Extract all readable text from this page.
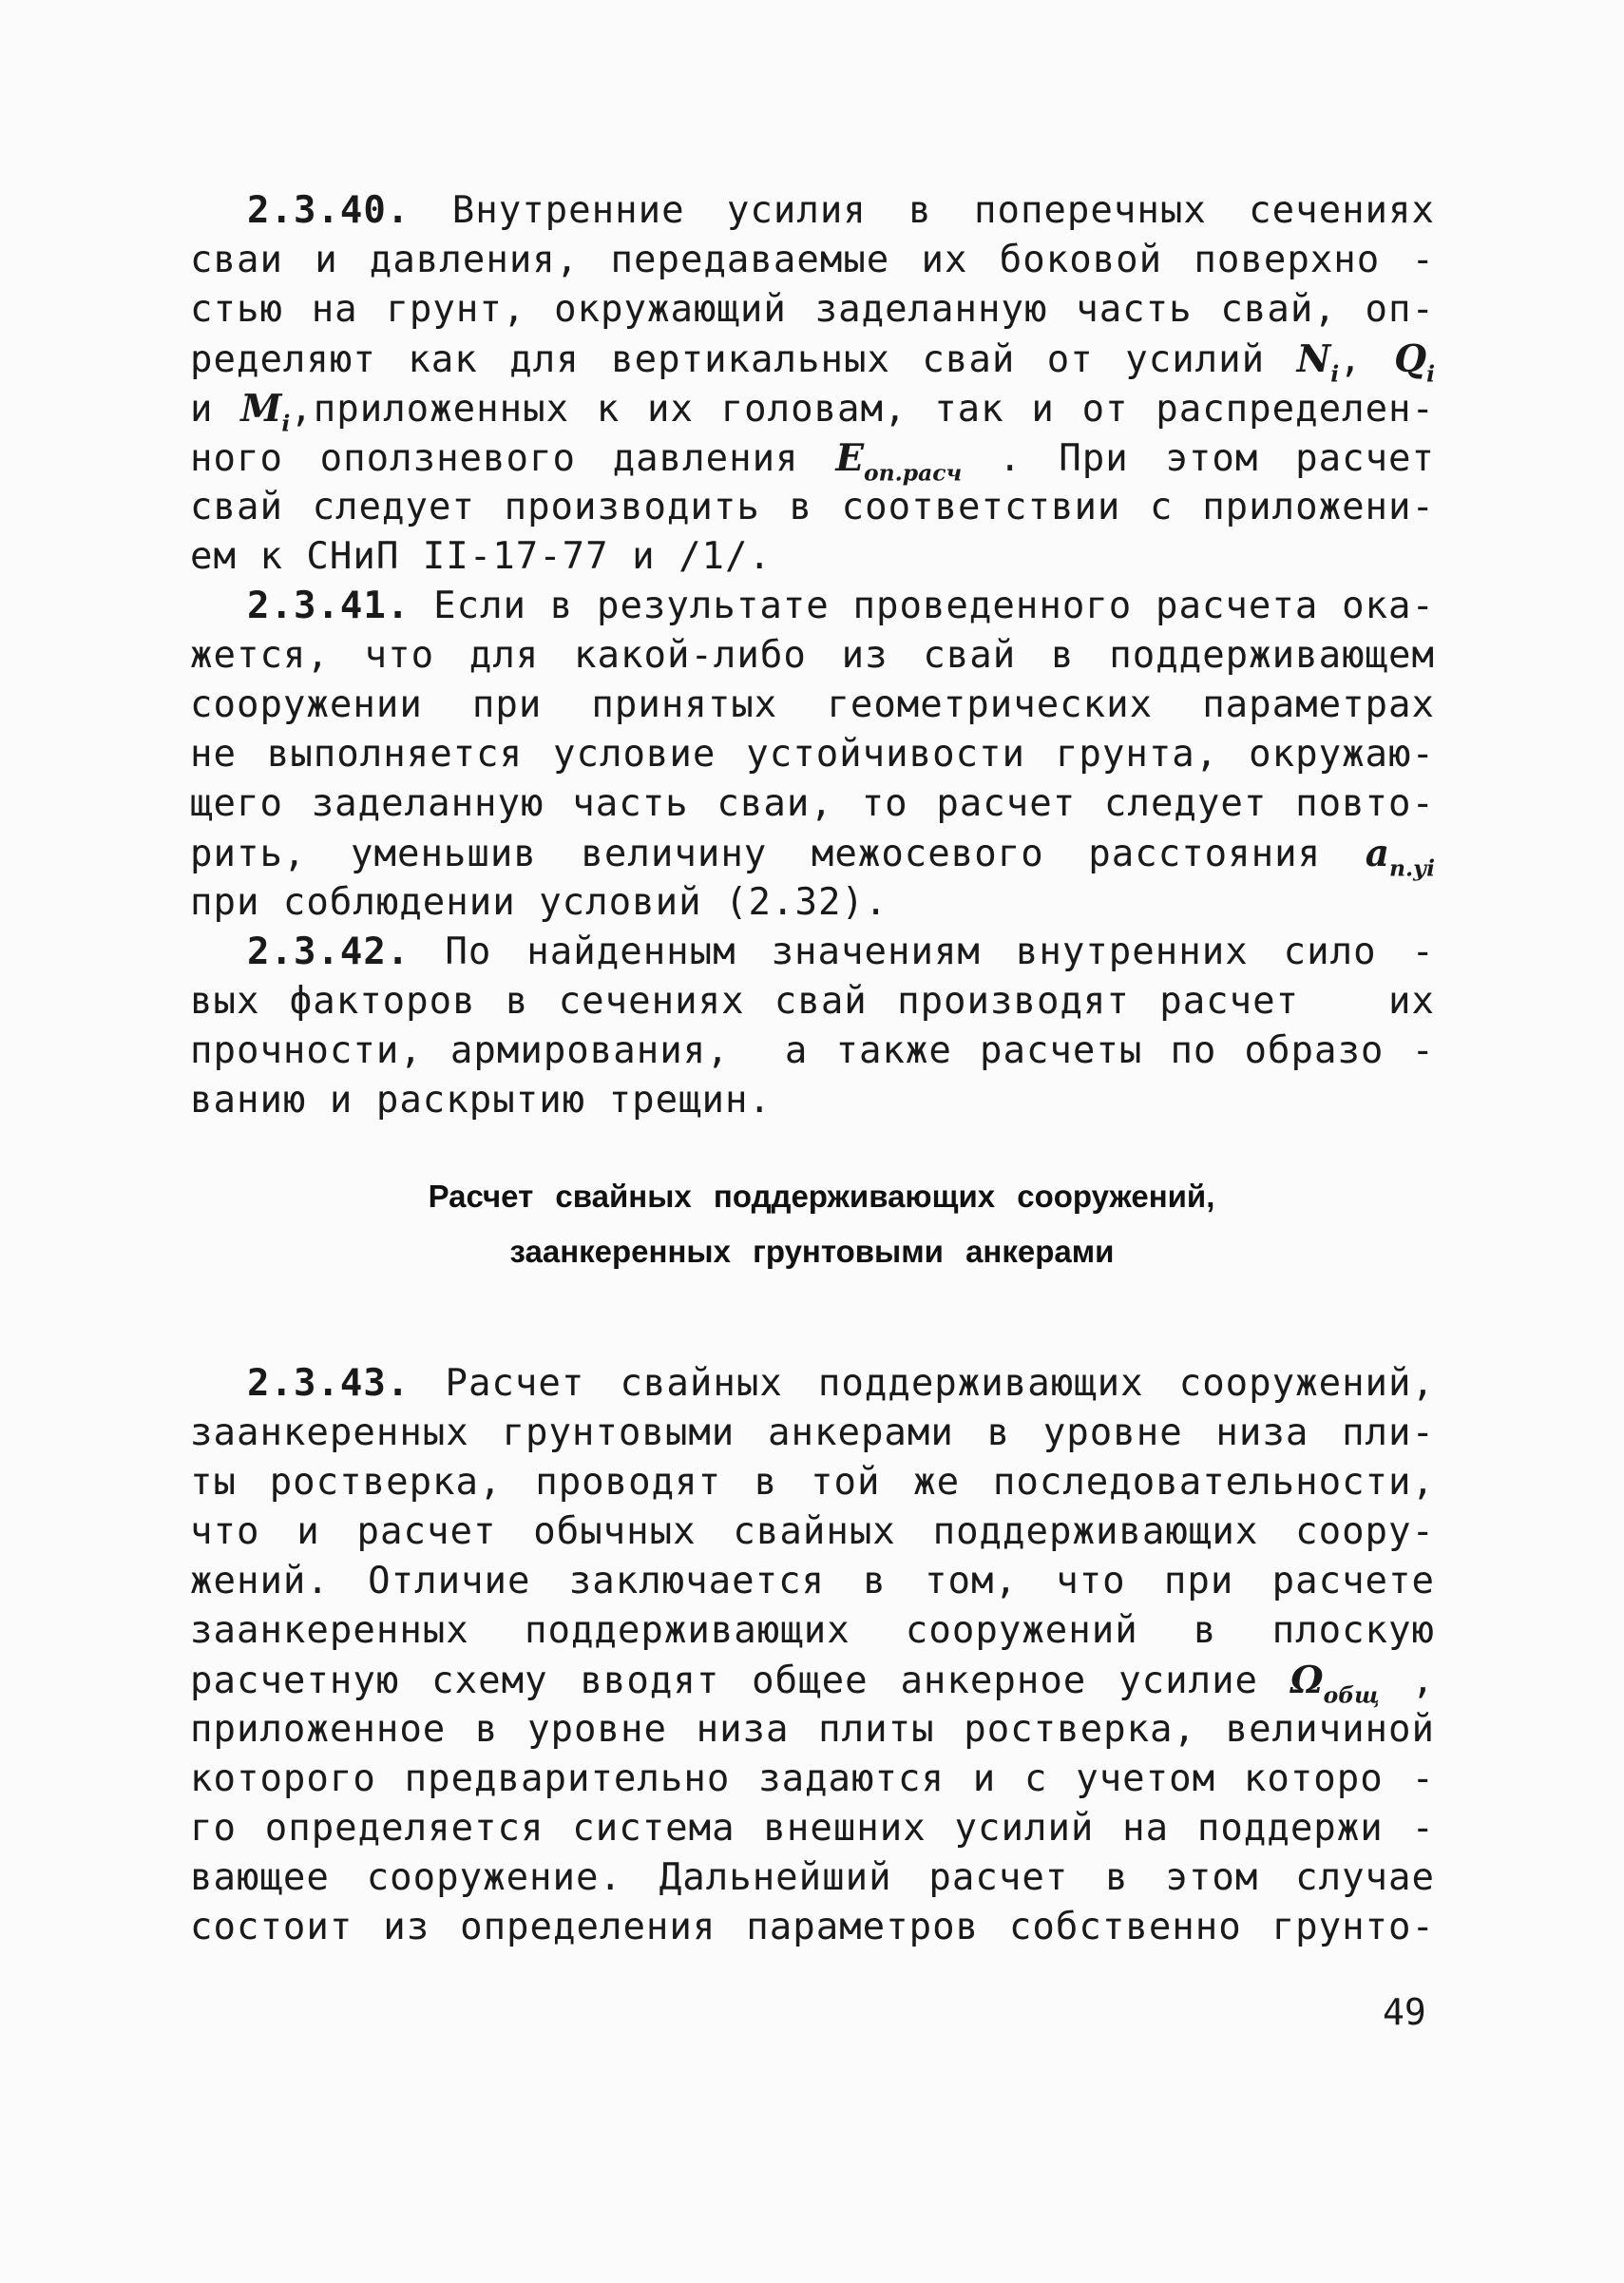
2.3.40. Внутренние усилия в поперечных сечениях
сваи и давления, передаваемые их боковой поверхно -
стью на грунт, окружающий заделанную часть свай, оп-
ределяют как для вертикальных свай от усилий $N_i$, $Q_i$
и $M_i,приложенных$ к их головам, так и от распределен-
ного оползневого давления $E_{оп.расч}$ . При этом расчет
свай следует производить в соответствии с приложени-
ем к СНиП II-17-77 и /1/.
2.3.41. Если в результате проведенного расчета ока-
жется, что для какой-либо из свай в поддерживающем
сооружении при принятых геометрических параметрах
не выполняется условие устойчивости грунта, окружаю-
щего заделанную часть сваи, то расчет следует повто-
рить, уменьшив величину межосевого расстояния $a_{п.уi}$
при соблюдении условий (2.32).
2.3.42. По найденным значениям внутренних сило -
вых факторов в сечениях свай производят расчет   их
прочности, армирования,  а также расчеты по образо -
ванию и раскрытию трещин.
Расчет свайных поддерживающих сооружений,
заанкеренных грунтовыми анкерами
2.3.43. Расчет свайных поддерживающих сооружений,
заанкеренных грунтовыми анкерами в уровне низа пли-
ты ростверка, проводят в той же последовательности,
что и расчет обычных свайных поддерживающих соору-
жений. Отличие заключается в том, что при расчете
заанкеренных поддерживающих сооружений в плоскую
расчетную схему вводят общее анкерное усилие $\Omega_{общ}$ ,
приложенное в уровне низа плиты ростверка, величиной
которого предварительно задаются и с учетом которо -
го определяется система внешних усилий на поддержи -
вающее сооружение. Дальнейший расчет в этом случае
состоит из определения параметров собственно грунто-
49
